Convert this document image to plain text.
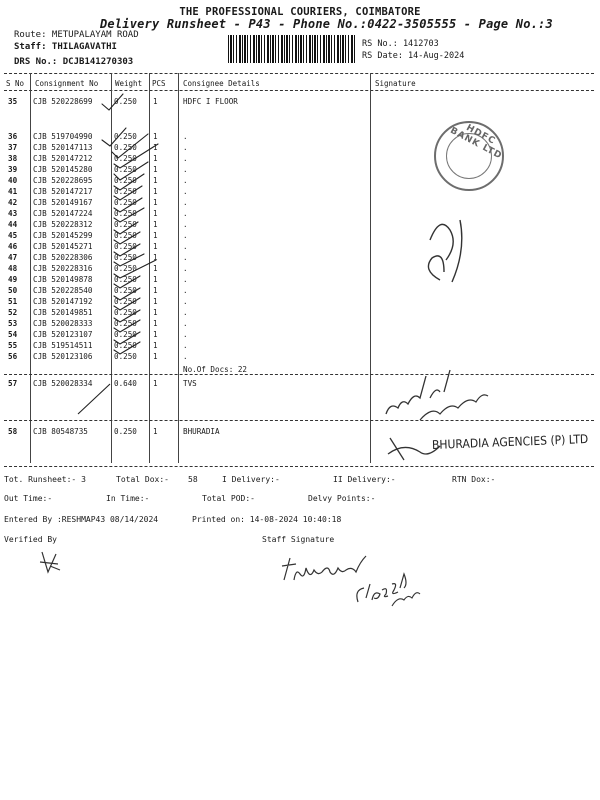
THE PROFESSIONAL COURIERS, COIMBATORE
Delivery Runsheet - P43 - Phone No.:0422-3505555 - Page No.:3
Route: METUPALAYAM ROAD
Staff: THILAGAVATHI
DRS No.: DCJB141270303
RS No.: 1412703
RS Date: 14-Aug-2024
S No Consignment No Weight PCS Consignee Details	Signature
35 CJB 520228699	0.250 1	HDFC I FLOOR
36 CJB 519704990	0.250 1	.
37 CJB 520147113	0.250 1	.
38 CJB 520147212	0.250 1	.
39 CJB 520145280	0.250 1	.
40 CJB 520228695	0.250 1	.
41 CJB 520147217	0.250 1	.
42 CJB 520149167	0.250 1	.
43 CJB 520147224	0.250 1	.
44 CJB 520228312	0.250 1	.
45 CJB 520145299	0.250 1	.
46 CJB 520145271	0.250 1	.
47 CJB 520228306	0.250 1	.
48 CJB 520228316	0.250 1	.
49 CJB 520149878	0.250 1	.
50 CJB 520228540	0.250 1	.
51 CJB 520147192	0.250 1	.
52 CJB 520149851	0.250 1	.
53 CJB 520028333	0.250 1	.
54 CJB 520123107	0.250 1	.
55 CJB 519514511	0.250 1	.
56 CJB 520123106	0.250 1	.
No.Of Docs: 22
57 CJB 520028334	0.640 1	TVS
58 CJB 80548735	0.250 1	BHURADIA
HDFC BANK LTD
BHURADIA AGENCIES (P) LTD
Tot. Runsheet:- 3	Total Dox:- 58	I Delivery:-	II Delivery:-	RTN Dox:-
Out Time:-	In Time:-	Total POD:-	Delvy Points:-
Entered By :RESHMAP43 08/14/2024	Printed on: 14-08-2024 10:40:18
Verified By	Staff Signature
